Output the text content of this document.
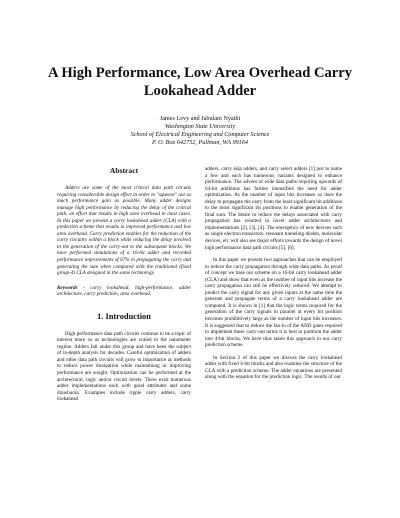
A High Performance, Low Area Overhead Carry Lookahead Adder
James Levy and Jabulani Nyathi
Washington State University
School of Electrical Engineering and Computer Science
P. O. Box 642752, Pullman, WA 99164
Abstract

Adders are some of the most critical data path circuits requiring considerable design effort in order to "squeeze" out as much performance gain as possible. Many adder designs manage high performance by reducing the delay of the critical path, an effort that results in high area overhead in most cases. In this paper we present a carry lookahead adder (CLA) with a prediction scheme that results in improved performance and low area overhead. Carry prediction enables for the reduction of the carry circuitry within a block while reducing the delay involved in the generation of the carry-out to the subsequent blocks. We have performed simulations of a 16-bit adder and recorded performance improvements of 67% in propagating the carry and generating the sum when compared with the traditional (fixed group-4) CLA designed in the same technology.

Keywords - carry lookahead, high-performance, adder architecture, carry prediction, area overhead.

1. Introduction

High performance data path circuits continue to be a topic of interest more so as technologies are scaled to the nanometer regime. Adders fall under this group and have been the subject of in-depth analysis for decades. Careful optimization of adders and other data path circuits will grow in importance as methods to reduce power dissipation while maintaining or improving performance are sought. Optimization can be performed at the architectural, logic and/or circuit levels. There exist numerous adder implementations each with good attributes and some drawbacks. Examples include ripple carry adders, carry lookahead

adders, carry skip adders, and carry select adders [1] just to name a few and each has numerous variants designed to enhance performance. The advent of wide data paths requiring upwards of 64-bit additions has further intensified the need for adder optimization. As the number of input bits increases so does the delay to propagate the carry from the least significant bit additions to the most significant bit positions to enable generation of the final sum. The desire to reduce the delays associated with carry propagation has resulted in novel adder architectures and implementations [2], [3], [4]. The emergency of new devices such as single electron transistors, resonant tunneling diodes, molecular devices, etc will also see major efforts towards the design of novel high performance data path circuits [5], [6].

In this paper we present two approaches that can be employed to reduce the carry propagation through wide data paths. As proof of concept we base our scheme on a 16-bit carry lookahead adder (CLA) and show that even as the number of input bits increase the carry propagation can still be effectively reduced. We attempt to predict the carry signal for any given inputs at the same time the generate and propagate terms of a carry lookahead adder are computed. It is shown in [1] that the logic terms required for the generation of the carry signals in parallel at every bit position becomes prohibitively large as the number of input bits increases. It is suggested that to reduce the fan-in of the AND gates required to implement these carry-out terms it is best to partition the adder into 4-bit blocks. We have thus taken this approach in our carry prediction scheme.

In Section 2 of this paper we discuss the carry lookahead adder with fixed 4-bit blocks and also examine the structure of the CLA with a prediction scheme. The adder equations are presented along with the equation for the prediction logic. The results of our
